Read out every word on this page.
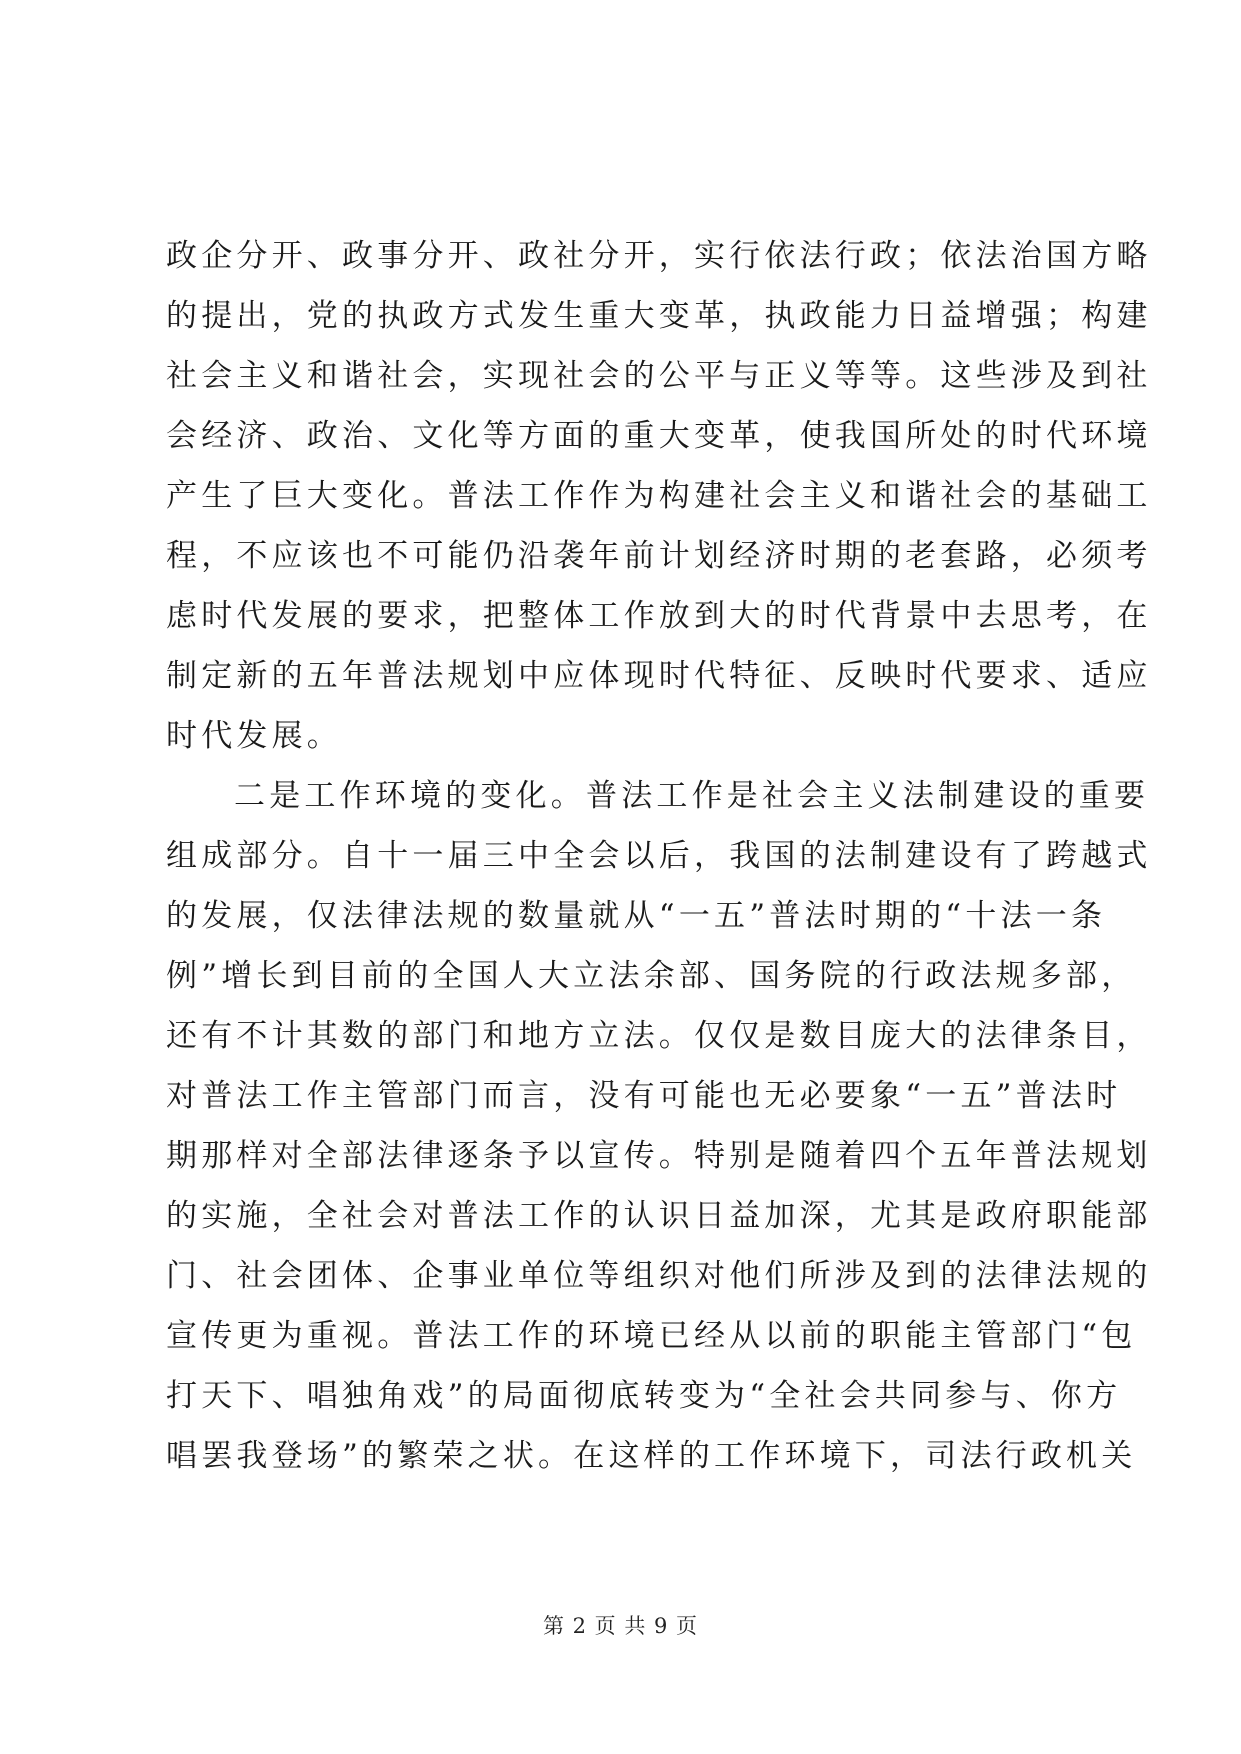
政企分开、政事分开、政社分开，实行依法行政；依法治国方略
的提出，党的执政方式发生重大变革，执政能力日益增强；构建
社会主义和谐社会，实现社会的公平与正义等等。这些涉及到社
会经济、政治、文化等方面的重大变革，使我国所处的时代环境
产生了巨大变化。普法工作作为构建社会主义和谐社会的基础工
程，不应该也不可能仍沿袭年前计划经济时期的老套路，必须考
虑时代发展的要求，把整体工作放到大的时代背景中去思考，在
制定新的五年普法规划中应体现时代特征、反映时代要求、适应
时代发展。
二是工作环境的变化。普法工作是社会主义法制建设的重要
组成部分。自十一届三中全会以后，我国的法制建设有了跨越式
的发展，仅法律法规的数量就从“一五”普法时期的“十法一条
例”增长到目前的全国人大立法余部、国务院的行政法规多部，
还有不计其数的部门和地方立法。仅仅是数目庞大的法律条目，
对普法工作主管部门而言，没有可能也无必要象“一五”普法时
期那样对全部法律逐条予以宣传。特别是随着四个五年普法规划
的实施，全社会对普法工作的认识日益加深，尤其是政府职能部
门、社会团体、企事业单位等组织对他们所涉及到的法律法规的
宣传更为重视。普法工作的环境已经从以前的职能主管部门“包
打天下、唱独角戏”的局面彻底转变为“全社会共同参与、你方
唱罢我登场”的繁荣之状。在这样的工作环境下，司法行政机关
第 2 页 共 9 页
